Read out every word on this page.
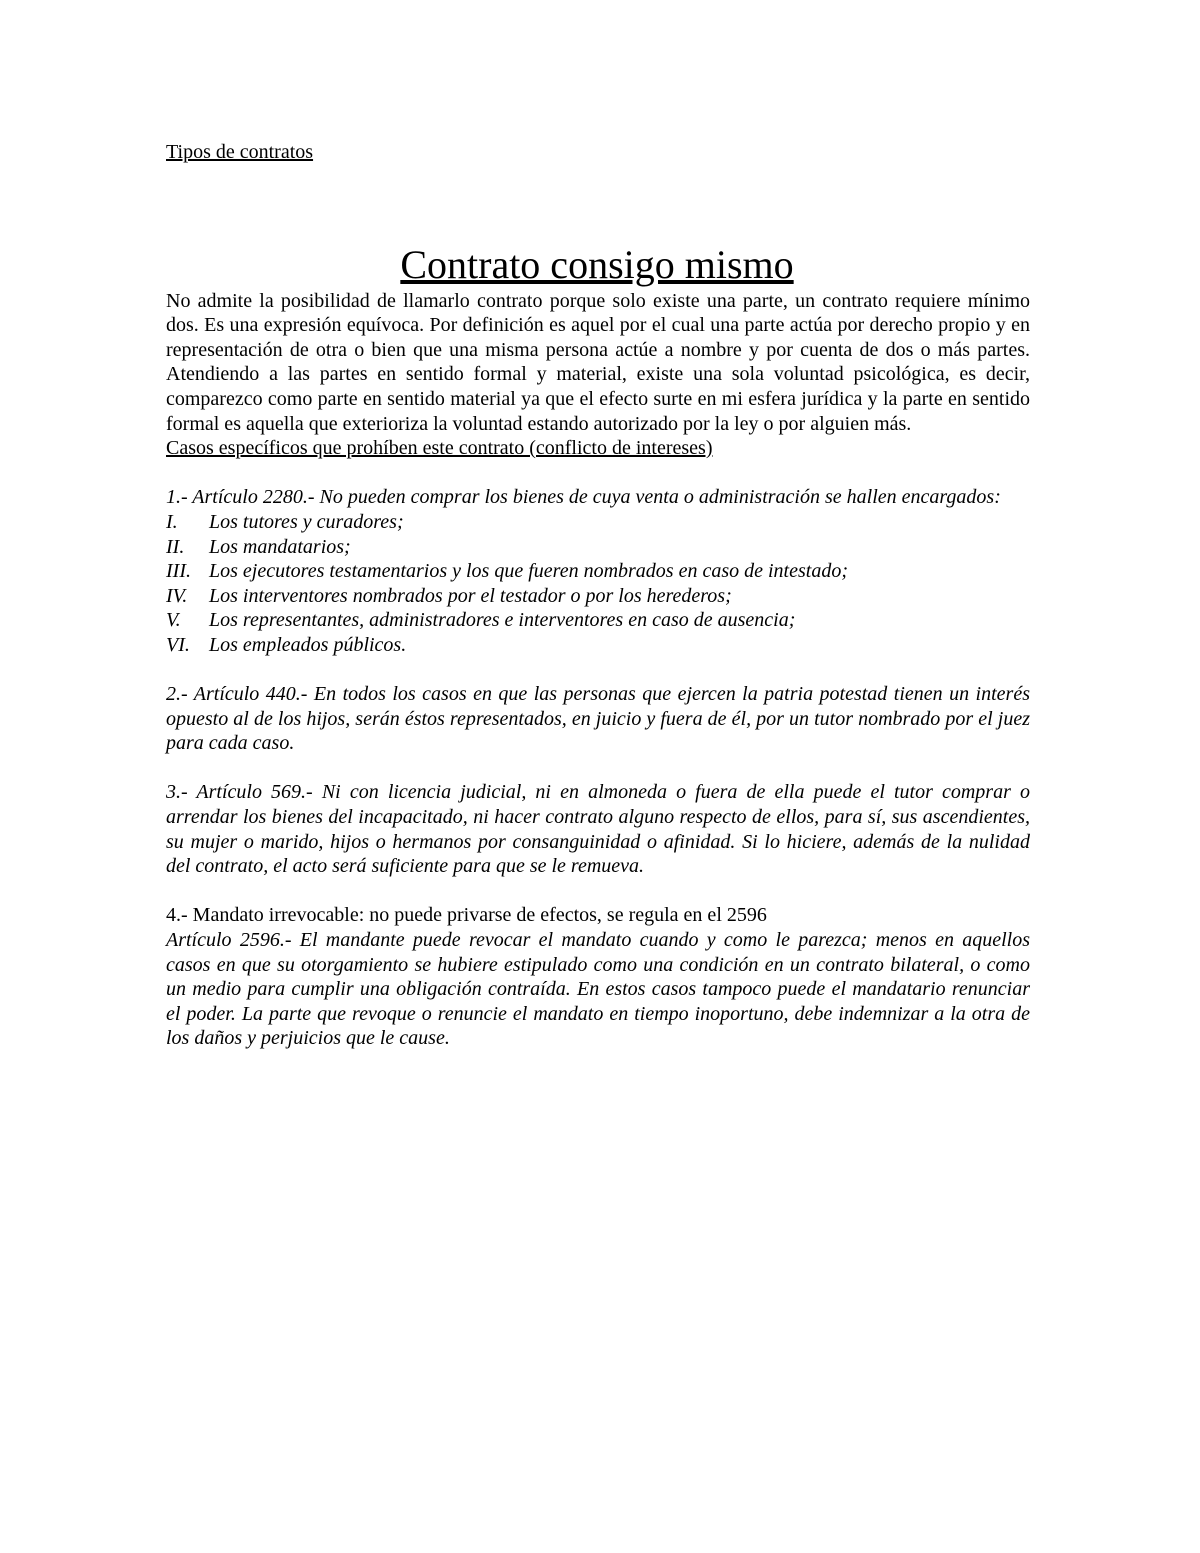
Tipos de contratos

Contrato consigo mismo

No admite la posibilidad de llamarlo contrato porque solo existe una parte, un contrato requiere mínimo dos. Es una expresión equívoca. Por definición es aquel por el cual una parte actúa por derecho propio y en representación de otra o bien que una misma persona actúe a nombre y por cuenta de dos o más partes. Atendiendo a las partes en sentido formal y material, existe una sola voluntad psicológica, es decir, comparezco como parte en sentido material ya que el efecto surte en mi esfera jurídica y la parte en sentido formal es aquella que exterioriza la voluntad estando autorizado por la ley o por alguien más.

Casos específicos que prohíben este contrato (conflicto de intereses)

1.- Artículo 2280.- No pueden comprar los bienes de cuya venta o administración se hallen encargados:

I.	Los tutores y curadores;
II.	Los mandatarios;
III. Los ejecutores testamentarios y los que fueren nombrados en caso de intestado;
IV.	Los interventores nombrados por el testador o por los herederos;
V.	Los representantes, administradores e interventores en caso de ausencia;
VI. Los empleados públicos.

2.- Artículo 440.- En todos los casos en que las personas que ejercen la patria potestad tienen un interés opuesto al de los hijos, serán éstos representados, en juicio y fuera de él, por un tutor nombrado por el juez para cada caso.

3.- Artículo 569.- Ni con licencia judicial, ni en almoneda o fuera de ella puede el tutor comprar o arrendar los bienes del incapacitado, ni hacer contrato alguno respecto de ellos, para sí, sus ascendientes, su mujer o marido, hijos o hermanos por consanguinidad o afinidad. Si lo hiciere, además de la nulidad del contrato, el acto será suficiente para que se le remueva.

4.- Mandato irrevocable: no puede privarse de efectos, se regula en el 2596

Artículo 2596.- El mandante puede revocar el mandato cuando y como le parezca; menos en aquellos casos en que su otorgamiento se hubiere estipulado como una condición en un contrato bilateral, o como un medio para cumplir una obligación contraída. En estos casos tampoco puede el mandatario renunciar el poder. La parte que revoque o renuncie el mandato en tiempo inoportuno, debe indemnizar a la otra de los daños y perjuicios que le cause.
